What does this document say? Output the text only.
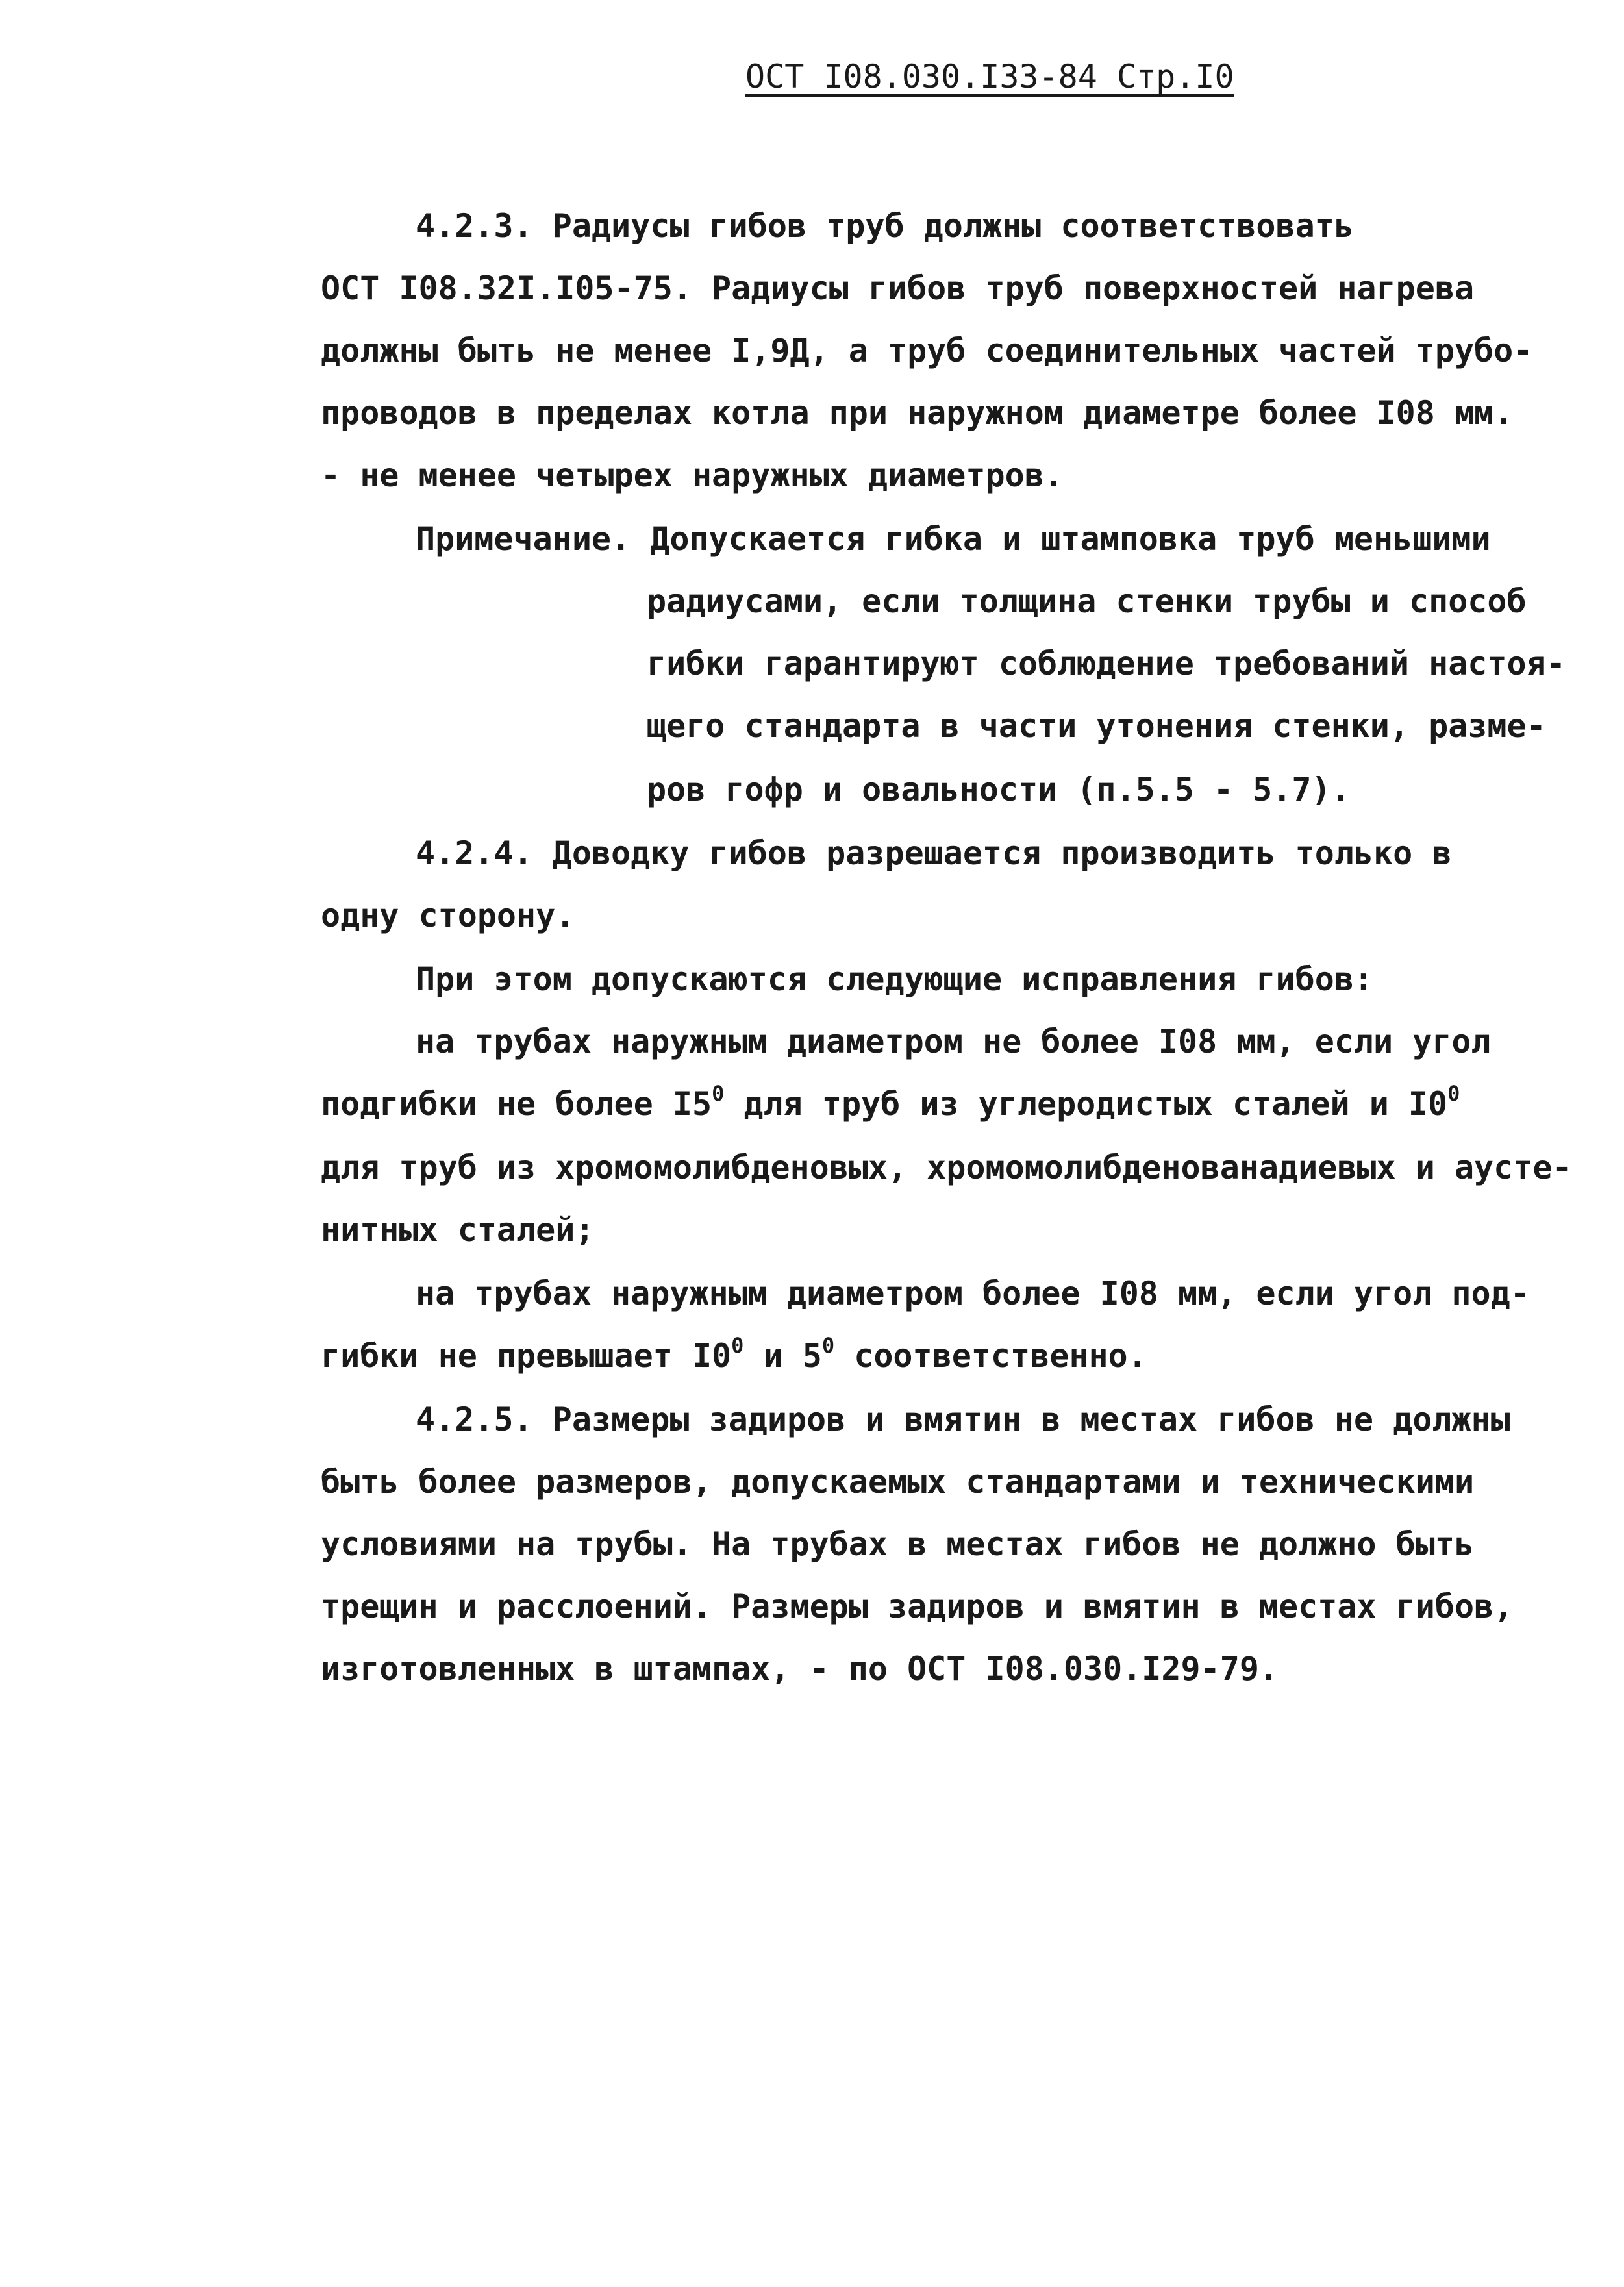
ОСТ I08.030.I33-84 Стр.I0
4.2.3. Радиусы гибов труб должны соответствовать
ОСТ I08.32I.I05-75. Радиусы гибов труб поверхностей нагрева
должны быть не менее I,9Д, а труб соединительных частей трубо-
проводов в пределах котла при наружном диаметре более I08 мм.
- не менее четырех наружных диаметров.
Примечание. Допускается гибка и штамповка труб меньшими
радиусами, если толщина стенки трубы и способ
гибки гарантируют соблюдение требований настоя-
щего стандарта в части утонения стенки, разме-
ров гофр и овальности (п.5.5 - 5.7).
4.2.4. Доводку гибов разрешается производить только в
одну сторону.
При этом допускаются следующие исправления гибов:
на трубах наружным диаметром не более I08 мм, если угол
подгибки не более $I5^0$ для труб из углеродистых сталей и $I0^0$
для труб из хромомолибденовых, хромомолибденованадиевых и аусте-
нитных сталей;
на трубах наружным диаметром более I08 мм, если угол под-
гибки не превышает $I0^0$ и $5^0$ соответственно.
4.2.5. Размеры задиров и вмятин в местах гибов не должны
быть более размеров, допускаемых стандартами и техническими
условиями на трубы. На трубах в местах гибов не должно быть
трещин и расслоений. Размеры задиров и вмятин в местах гибов,
изготовленных в штампах, - по ОСТ I08.030.I29-79.
